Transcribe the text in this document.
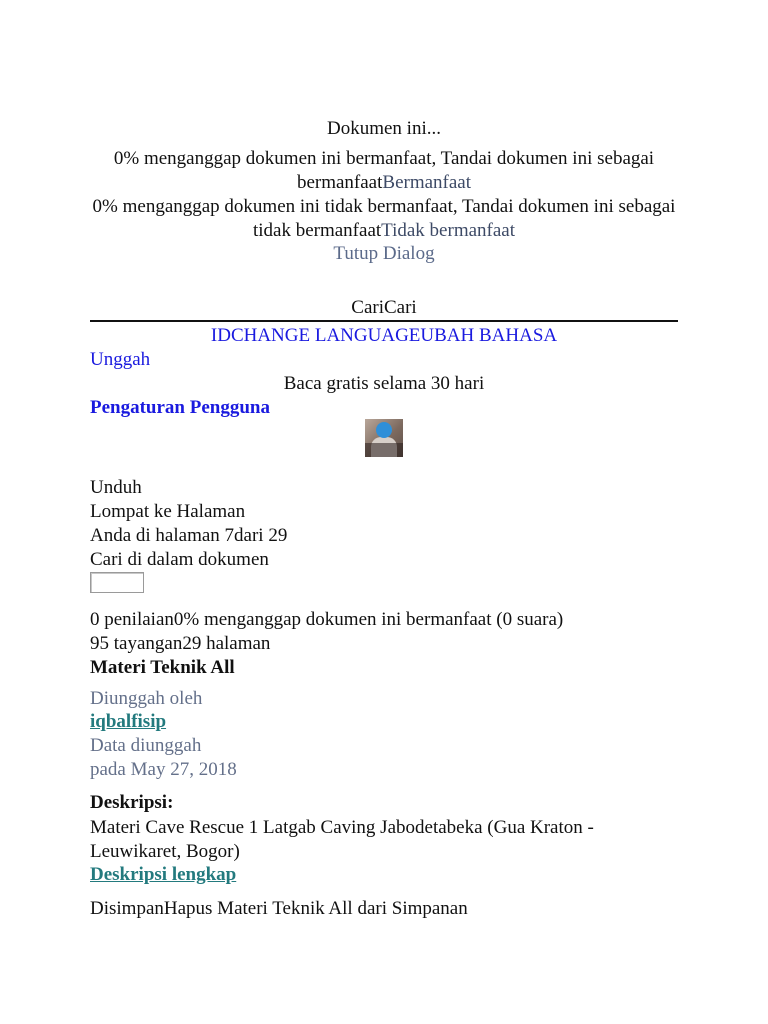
Dokumen ini...
0% menganggap dokumen ini bermanfaat, Tandai dokumen ini sebagai bermanfaatBermanfaat
0% menganggap dokumen ini tidak bermanfaat, Tandai dokumen ini sebagai tidak bermanfaatTidak bermanfaat
Tutup Dialog
CariCari
IDCHANGE LANGUAGEUBAH BAHASA
Unggah
Baca gratis selama 30 hari
Pengaturan Pengguna
Unduh
Lompat ke Halaman
Anda di halaman 7dari 29
Cari di dalam dokumen
0 penilaian0% menganggap dokumen ini bermanfaat (0 suara)
95 tayangan29 halaman
Materi Teknik All
Diunggah oleh
iqbalfisip
Data diunggah
pada May 27, 2018
Deskripsi:
Materi Cave Rescue 1 Latgab Caving Jabodetabeka (Gua Kraton - Leuwikaret, Bogor)
Deskripsi lengkap
DisimpanHapus Materi Teknik All dari Simpanan
